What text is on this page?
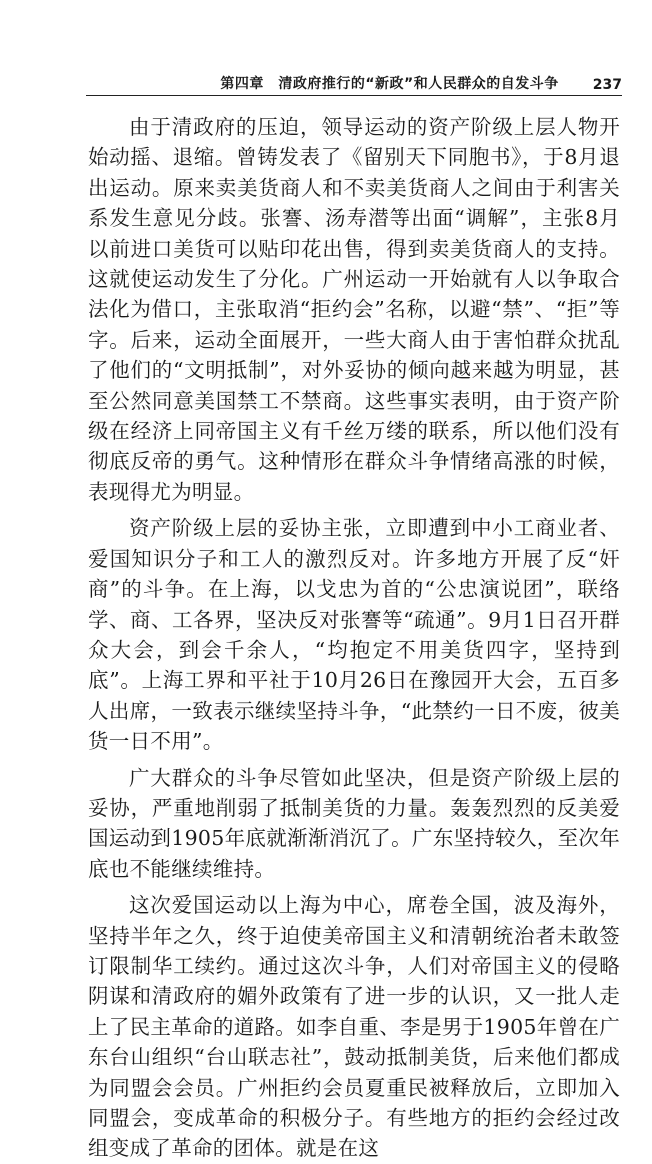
第四章　清政府推行的“新政”和人民群众的自发斗争 237

由于清政府的压迫，领导运动的资产阶级上层人物开始动摇、退缩。曾铸发表了《留别天下同胞书》，于8月退出运动。原来卖美货商人和不卖美货商人之间由于利害关系发生意见分歧。张謇、汤寿潜等出面“调解”，主张8月以前进口美货可以贴印花出售，得到卖美货商人的支持。这就使运动发生了分化。广州运动一开始就有人以争取合法化为借口，主张取消“拒约会”名称，以避“禁”、“拒”等字。后来，运动全面展开，一些大商人由于害怕群众扰乱了他们的“文明抵制”，对外妥协的倾向越来越为明显，甚至公然同意美国禁工不禁商。这些事实表明，由于资产阶级在经济上同帝国主义有千丝万缕的联系，所以他们没有彻底反帝的勇气。这种情形在群众斗争情绪高涨的时候，表现得尤为明显。

资产阶级上层的妥协主张，立即遭到中小工商业者、爱国知识分子和工人的激烈反对。许多地方开展了反“奸商”的斗争。在上海，以戈忠为首的“公忠演说团”，联络学、商、工各界，坚决反对张謇等“疏通”。9月1日召开群众大会，到会千余人，“均抱定不用美货四字，坚持到底”。上海工界和平社于10月26日在豫园开大会，五百多人出席，一致表示继续坚持斗争，“此禁约一日不废，彼美货一日不用”。

广大群众的斗争尽管如此坚决，但是资产阶级上层的妥协，严重地削弱了抵制美货的力量。轰轰烈烈的反美爱国运动到1905年底就渐渐消沉了。广东坚持较久，至次年底也不能继续维持。

这次爱国运动以上海为中心，席卷全国，波及海外，坚持半年之久，终于迫使美帝国主义和清朝统治者未敢签订限制华工续约。通过这次斗争，人们对帝国主义的侵略阴谋和清政府的媚外政策有了进一步的认识，又一批人走上了民主革命的道路。如李自重、李是男于1905年曾在广东台山组织“台山联志社”，鼓动抵制美货，后来他们都成为同盟会会员。广州拒约会员夏重民被释放后，立即加入同盟会，变成革命的积极分子。有些地方的拒约会经过改组变成了革命的团体。就是在这
